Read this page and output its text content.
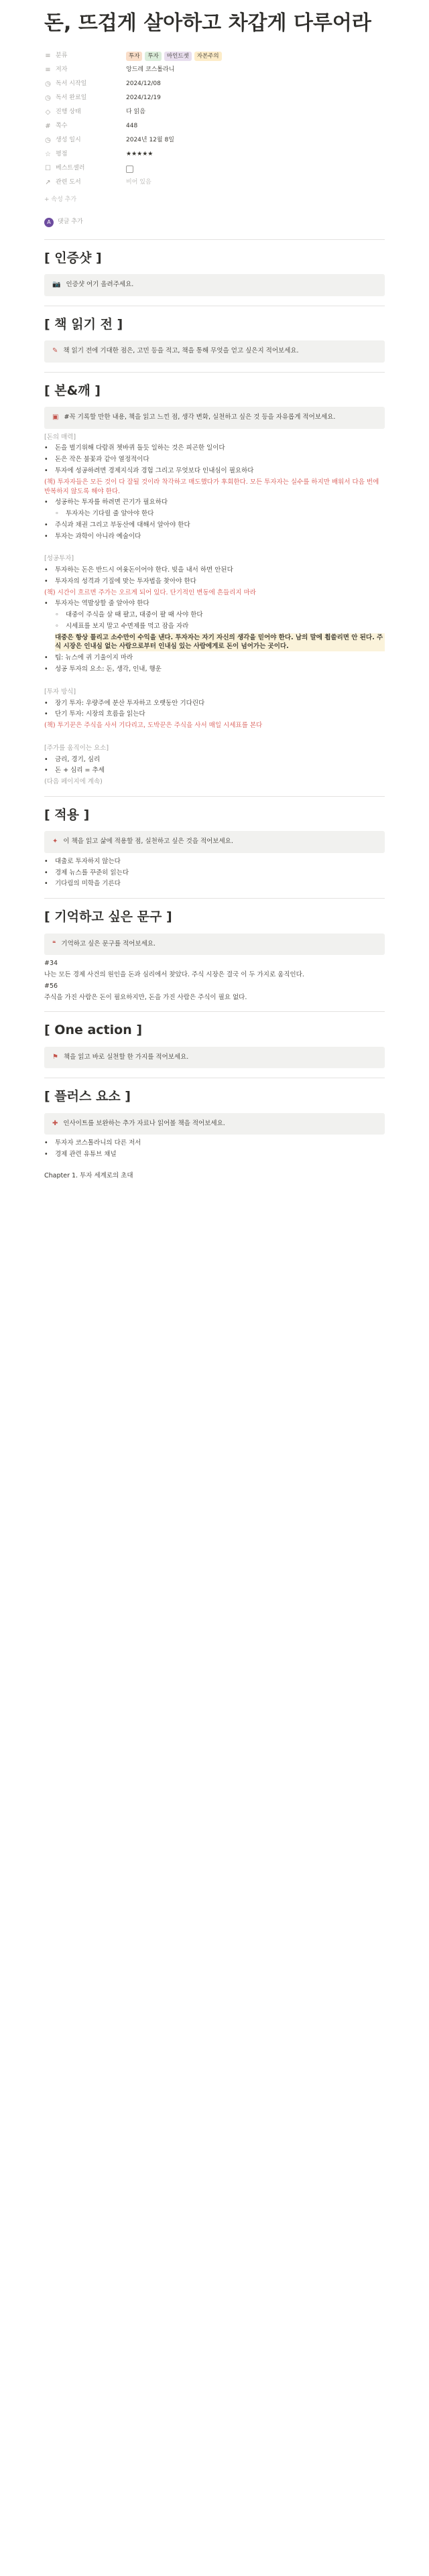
돈, 뜨겁게 살아하고 차갑게 다루어라
≡ 분류	투자	투자	마인드셋	자본주의
≡ 저자	앙드레 코스톨라니
◷ 독서 시작일	2024/12/08
◷ 독서 완료일	2024/12/19
◇ 진행 상태	다 읽음
# 쪽수	448
◷ 생성 일시	2024년 12월 8일
☆ 평점	★★★★★
☐ 베스트셀러
↗ 관련 도서	비어 있음
+ 속성 추가
A	댓글 추가
[ 인증샷 ]
📷 인증샷 여기 올려주세요.
[ 책 읽기 전 ]
✎ 책 읽기 전에 기대한 점은, 고민 등을 적고, 책을 통해 무엇을 얻고 싶은지 적어보세요.
[ 본&깨 ]
▣ #꼭 기록할 만한 내용, 책을 읽고 느낀 점, 생각 변화, 실천하고 싶은 것 등을 자유롭게 적어보세요.
[돈의 매력]
•	돈을 벌기위해 다람쥐 쳇바퀴 돌듯 일하는 것은 피곤한 일이다
•	돈은 작은 불꽃과 같아 열정적이다
•	투자에 성공하려면 경제지식과 경험 그리고 무엇보다 인내심이 필요하다
(책) 투자자들은 모든 것이 다 잘될 것이라 착각하고 매도했다가 후회한다. 모든 투자자는 실수를 하지만 배워서 다음 번에 반복하지 않도록 해야 한다.
•	성공하는 투자를 하려면 끈기가 필요하다
◦	투자자는 기다릴 줄 알아야 한다
•	주식과 채권 그리고 부동산에 대해서 알아야 한다
•	투자는 과학이 아니라 예술이다
[성공투자]
•	투자하는 돈은 반드시 여윳돈이어야 한다. 빚을 내서 하면 안된다
•	투자자의 성격과 기질에 맞는 투자법을 찾아야 한다
(책) 시간이 흐르면 주가는 오르게 되어 있다. 단기적인 변동에 흔들리지 마라
•	투자자는 역발상할 줄 알아야 한다
◦	대중이 주식을 살 때 팔고, 대중이 팔 때 사야 한다
◦	시세표를 보지 말고 수면제를 먹고 잠을 자라
대중은 항상 틀리고 소수만이 수익을 낸다. 투자자는 자기 자신의 생각을 믿어야 한다. 남의 말에 휩쓸리면 안 된다. 주식 시장은 인내심 없는 사람으로부터 인내심 있는 사람에게로 돈이 넘어가는 곳이다.
•	팁: 뉴스에 귀 기울이지 마라
•	성공 투자의 요소: 돈, 생각, 인내, 행운
[투자 방식]
•	장기 투자: 우량주에 분산 투자하고 오랫동안 기다린다
•	단기 투자: 시장의 흐름을 읽는다
(책) 투기꾼은 주식을 사서 기다리고, 도박꾼은 주식을 사서 매일 시세표를 본다
[주가를 움직이는 요소]
•	금리, 경기, 심리
•	돈 + 심리 = 추세
(다음 페이지에 계속)
[ 적용 ]
✦ 이 책을 읽고 삶에 적용할 점, 실천하고 싶은 것을 적어보세요.
•	대출로 투자하지 않는다
•	경제 뉴스를 꾸준히 읽는다
•	기다림의 미학을 기른다
[ 기억하고 싶은 문구 ]
❝ 기억하고 싶은 문구를 적어보세요.
#34
나는 모든 경제 사건의 원인을 돈과 심리에서 찾았다. 주식 시장은 결국 이 두 가지로 움직인다.
#56
주식을 가진 사람은 돈이 필요하지만, 돈을 가진 사람은 주식이 필요 없다.
[ One action ]
⚑ 책을 읽고 바로 실천할 한 가지를 적어보세요.
[ 플러스 요소 ]
✚ 인사이트를 보완하는 추가 자료나 읽어볼 책을 적어보세요.
•	투자자 코스톨라니의 다른 저서
•	경제 관련 유튜브 채널

Chapter 1. 투자 세계로의 초대
